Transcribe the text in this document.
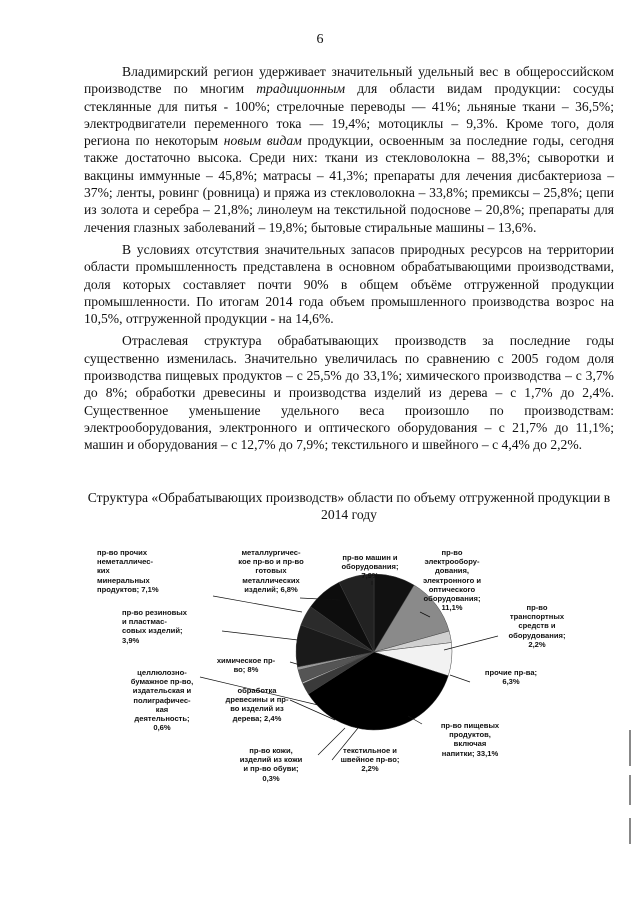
6

Владимирский регион удерживает значительный удельный вес в общероссийском производстве по многим традиционным для области видам продукции: сосуды стеклянные для питья - 100%; стрелочные переводы — 41%; льняные ткани – 36,5%; электродвигатели переменного тока — 19,4%; мотоциклы – 9,3%. Кроме того, доля региона по некоторым новым видам продукции, освоенным за последние годы, сегодня также достаточно высока. Среди них: ткани из стекловолокна – 88,3%; сыворотки и вакцины иммунные – 45,8%; матрасы – 41,3%; препараты для лечения дисбактериоза – 37%; ленты, ровинг (ровница) и пряжа из стекловолокна – 33,8%; премиксы – 25,8%; цепи из золота и серебра – 21,8%; линолеум на текстильной подоснове – 20,8%; препараты для лечения глазных заболеваний – 19,8%; бытовые стиральные машины – 13,6%.

В условиях отсутствия значительных запасов природных ресурсов на территории области промышленность представлена в основном обрабатывающими производствами, доля которых составляет почти 90% в общем объёме отгруженной продукции промышленности. По итогам 2014 года объем промышленного производства возрос на 10,5%, отгруженной продукции - на 14,6%.

Отраслевая структура обрабатывающих производств за последние годы существенно изменилась. Значительно увеличилась по сравнению с 2005 годом доля производства пищевых продуктов – с 25,5% до 33,1%; химического производства – с 3,7% до 8%; обработки древесины и производства изделий из дерева – с 1,7% до 2,4%. Существенное уменьшение удельного веса произошло по производствам: электрооборудования, электронного и оптического оборудования – с 21,7% до 11,1%; машин и оборудования – с 12,7% до 7,9%; текстильного и швейного – с 4,4% до 2,2%.

Структура «Обрабатывающих производств» области по объему отгруженной продукции в 2014 году
пр-во прочих
неметалличес-
ких
минеральных
продуктов; 7,1%
металлургичес-
кое пр-во и пр-во
готовых
металлических
изделий; 6,8%
пр-во машин и
оборудования;
7,9%
пр-во
электрообору-
дования,
электронного и
оптического
оборудования;
11,1%	пр-во
транспортных
средств и
оборудования;
2,2%
прочие пр-ва;
6,3%
пр-во пищевых
продуктов,
включая
напитки; 33,1%
текстильное и
швейное пр-во;
2,2%
пр-во кожи,
изделий из кожи
и пр-во обуви;
0,3%
обработка
древесины и пр-
во изделий из
дерева; 2,4%
целлюлозно-
бумажное пр-во,
издательская и
полиграфичес-
кая
деятельность;
0,6%
химическое пр-
во; 8%
пр-во резиновых
и пластмас-
совых изделий;
3,9%
